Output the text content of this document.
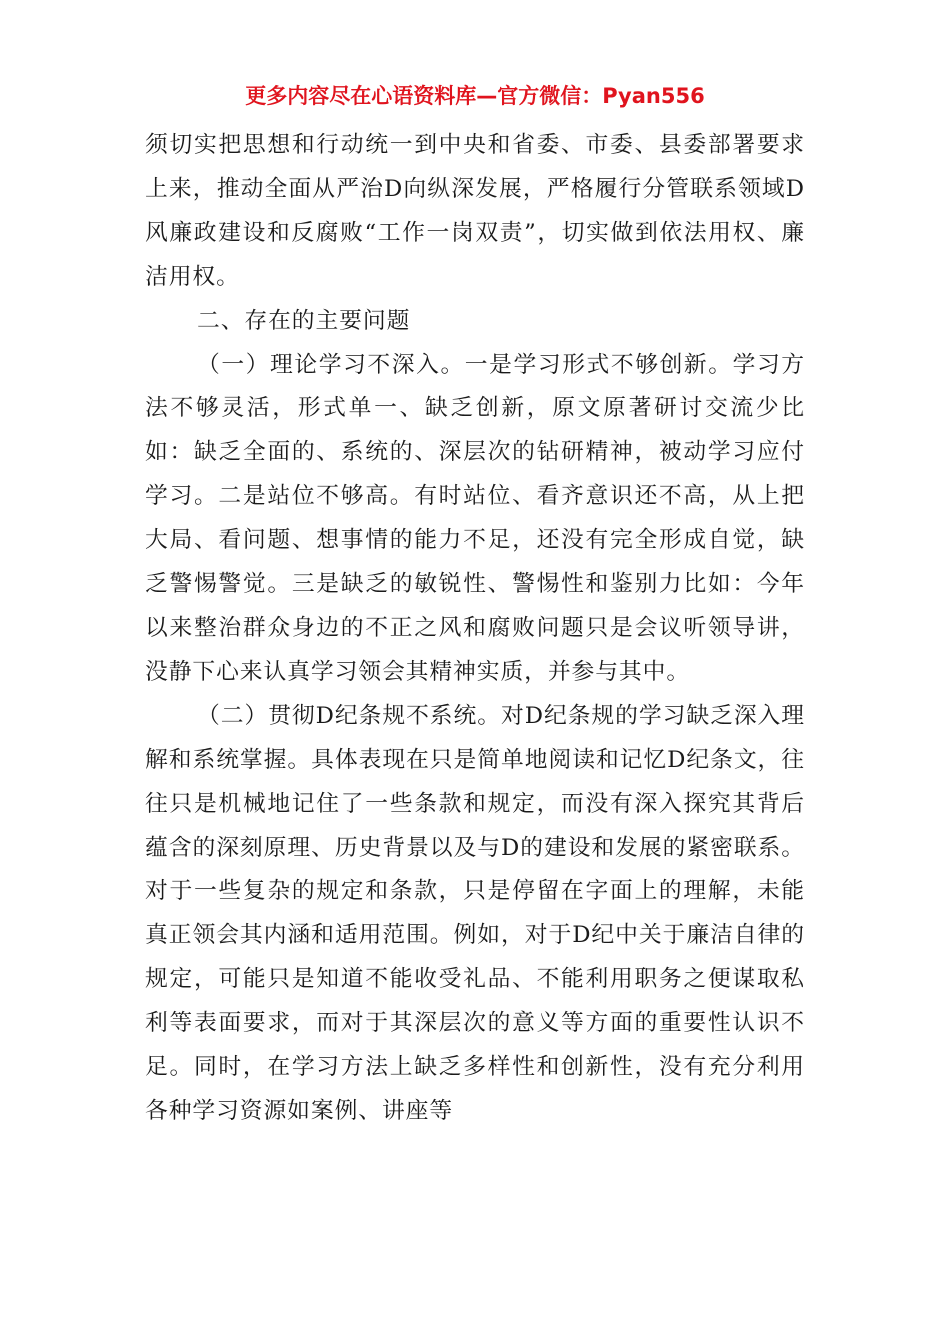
更多内容尽在心语资料库—官方微信：Pyan556

须切实把思想和行动统一到中央和省委、市委、县委部署要求上来，推动全面从严治D向纵深发展，严格履行分管联系领域D风廉政建设和反腐败“工作一岗双责”，切实做到依法用权、廉洁用权。

二、存在的主要问题

（一）理论学习不深入。一是学习形式不够创新。学习方法不够灵活，形式单一、缺乏创新，原文原著研讨交流少比如：缺乏全面的、系统的、深层次的钻研精神，被动学习应付学习。二是站位不够高。有时站位、看齐意识还不高，从上把大局、看问题、想事情的能力不足，还没有完全形成自觉，缺乏警惕警觉。三是缺乏的敏锐性、警惕性和鉴别力比如：今年以来整治群众身边的不正之风和腐败问题只是会议听领导讲，没静下心来认真学习领会其精神实质，并参与其中。

（二）贯彻D纪条规不系统。对D纪条规的学习缺乏深入理解和系统掌握。具体表现在只是简单地阅读和记忆D纪条文，往往只是机械地记住了一些条款和规定，而没有深入探究其背后蕴含的深刻原理、历史背景以及与D的建设和发展的紧密联系。对于一些复杂的规定和条款，只是停留在字面上的理解，未能真正领会其内涵和适用范围。例如，对于D纪中关于廉洁自律的规定，可能只是知道不能收受礼品、不能利用职务之便谋取私利等表面要求，而对于其深层次的意义等方面的重要性认识不足。同时，在学习方法上缺乏多样性和创新性，没有充分利用各种学习资源如案例、讲座等
